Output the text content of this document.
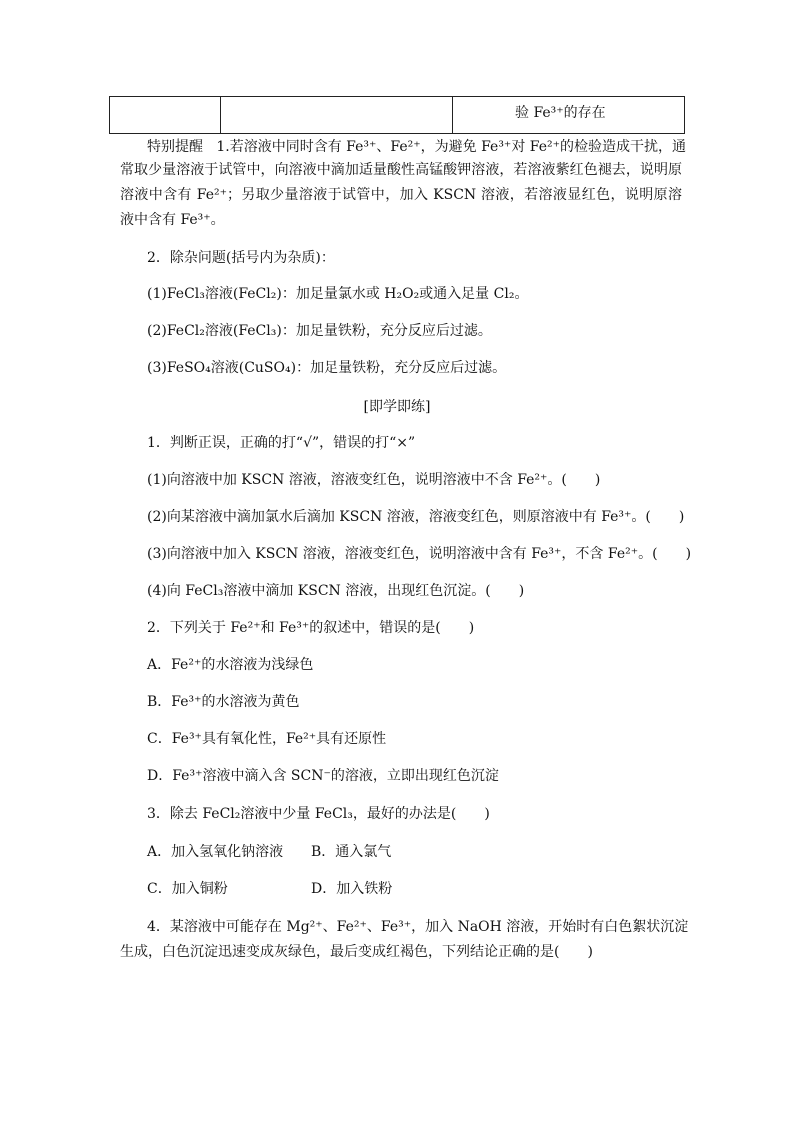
验 Fe³⁺的存在
特别提醒 1.若溶液中同时含有 Fe³⁺、Fe²⁺，为避免 Fe³⁺对 Fe²⁺的检验造成干扰，通
常取少量溶液于试管中，向溶液中滴加适量酸性高锰酸钾溶液，若溶液紫红色褪去，说明原溶液中含有 Fe²⁺；另取少量溶液于试管中，加入 KSCN 溶液，若溶液显红色，说明原溶液中含有 Fe³⁺。
2．除杂问题(括号内为杂质)：
(1)FeCl₃溶液(FeCl₂)：加足量氯水或 H₂O₂或通入足量 Cl₂。
(2)FeCl₂溶液(FeCl₃)：加足量铁粉，充分反应后过滤。
(3)FeSO₄溶液(CuSO₄)：加足量铁粉，充分反应后过滤。
[即学即练]
1．判断正误，正确的打“√”，错误的打“×”
(1)向溶液中加 KSCN 溶液，溶液变红色，说明溶液中不含 Fe²⁺。(　　)
(2)向某溶液中滴加氯水后滴加 KSCN 溶液，溶液变红色，则原溶液中有 Fe³⁺。(　　)
(3)向溶液中加入 KSCN 溶液，溶液变红色，说明溶液中含有 Fe³⁺，不含 Fe²⁺。(　　)
(4)向 FeCl₃溶液中滴加 KSCN 溶液，出现红色沉淀。(　　)
2．下列关于 Fe²⁺和 Fe³⁺的叙述中，错误的是(　　)
A．Fe²⁺的水溶液为浅绿色
B．Fe³⁺的水溶液为黄色
C．Fe³⁺具有氧化性，Fe²⁺具有还原性
D．Fe³⁺溶液中滴入含 SCN⁻的溶液，立即出现红色沉淀
3．除去 FeCl₂溶液中少量 FeCl₃，最好的办法是(　　)
A．加入氢氧化钠溶液 B．通入氯气
C．加入铜粉	D．加入铁粉
4．某溶液中可能存在 Mg²⁺、Fe²⁺、Fe³⁺，加入 NaOH 溶液，开始时有白色絮状沉淀
生成，白色沉淀迅速变成灰绿色，最后变成红褐色，下列结论正确的是(　　)
